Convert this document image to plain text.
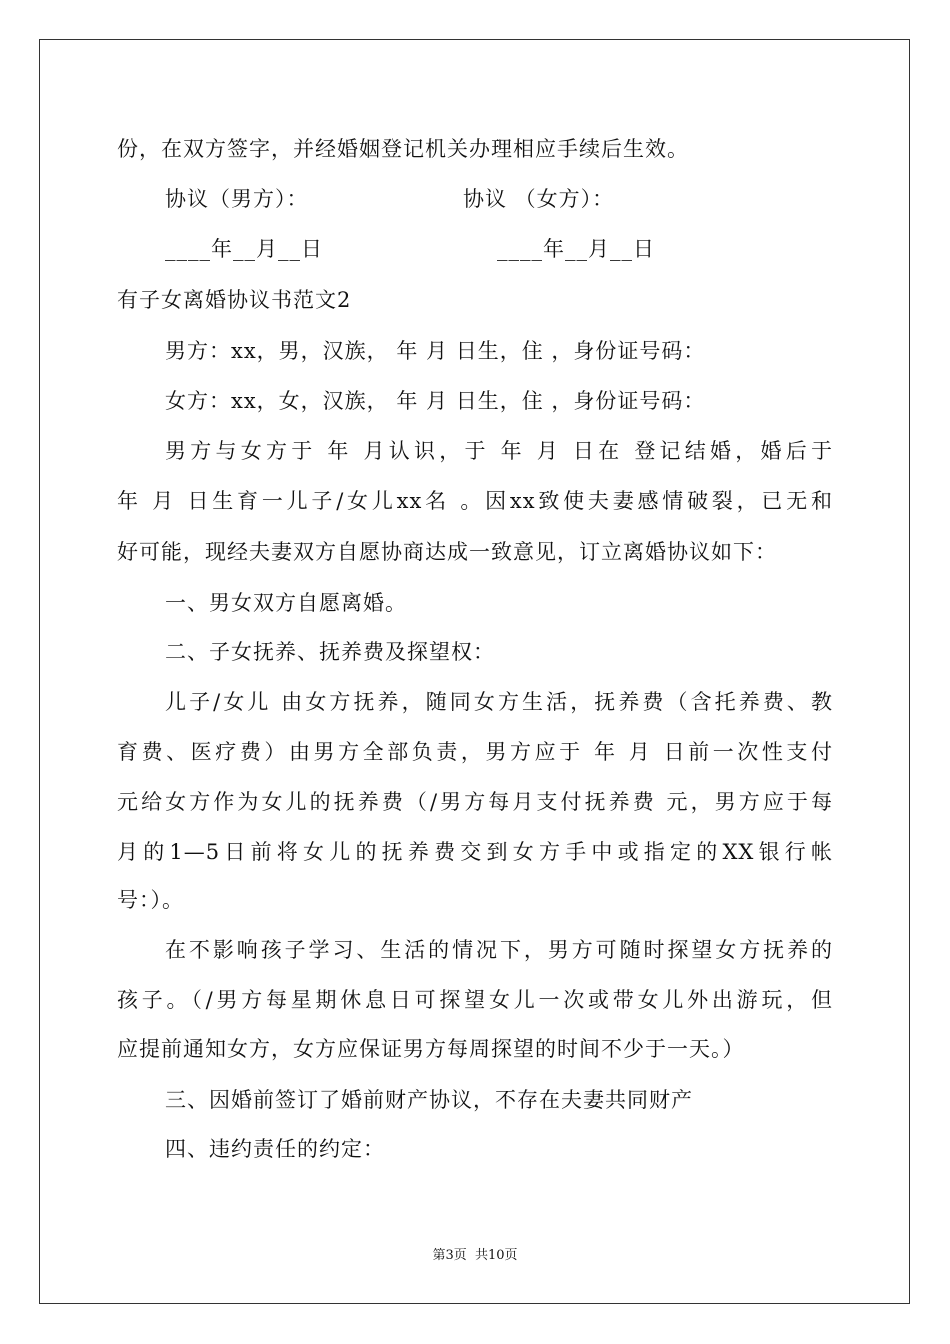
份，在双方签字，并经婚姻登记机关办理相应手续后生效。
协议（男方）：	协议 （女方）：
____年__月__日	____年__月__日
有子女离婚协议书范文2
男方：xx，男，汉族， 年 月 日生，住 ，身份证号码：
女方：xx，女，汉族， 年 月 日生，住 ，身份证号码：
男方与女方于 年 月认识，于 年 月 日在 登记结婚，婚后于
年 月 日生育一儿子/女儿xx名 。因xx致使夫妻感情破裂，已无和
好可能，现经夫妻双方自愿协商达成一致意见，订立离婚协议如下：
一、男女双方自愿离婚。
二、子女抚养、抚养费及探望权：
儿子/女儿 由女方抚养，随同女方生活，抚养费（含托养费、教
育费、医疗费）由男方全部负责，男方应于 年 月 日前一次性支付
元给女方作为女儿的抚养费（/男方每月支付抚养费 元，男方应于每
月的1—5日前将女儿的抚养费交到女方手中或指定的XX银行帐
号：）。
在不影响孩子学习、生活的情况下，男方可随时探望女方抚养的
孩子。（/男方每星期休息日可探望女儿一次或带女儿外出游玩，但
应提前通知女方，女方应保证男方每周探望的时间不少于一天。）
三、因婚前签订了婚前财产协议，不存在夫妻共同财产
四、违约责任的约定：
第3页  共10页
